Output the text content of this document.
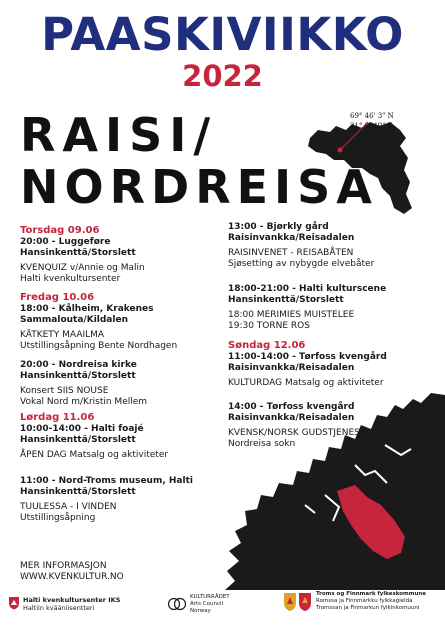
PAASKIVIIKKO
2022
RAISI/
NORDREISA
69° 46' 3" N
21° 0' 49" E
Torsdag 09.06
20:00 - Luggeføre
Hansinkenttä/Storslett
KVENQUIZ v/Annie og Malin
Halti kvenkultursenter
Fredag 10.06
18:00 - Kålheim, Krakenes
Sammalouta/Kildalen
KÄTKETY MAAILMA
Utstillingsåpning Bente Nordhagen
20:00 - Nordreisa kirke
Hansinkenttä/Storslett
Konsert SIIS NOUSE
Vokal Nord m/Kristin Mellem
Lørdag 11.06
10:00-14:00 - Halti foajé
Hansinkenttä/Storslett
ÅPEN DAG Matsalg og aktiviteter
11:00 - Nord-Troms museum, Halti
Hansinkenttä/Storslett
TUULESSA - I VINDEN
Utstillingsåpning
13:00 - Bjørkly gård
Raisinvankka/Reisadalen
RAISINVENET - REISABÅTEN
Sjøsetting av nybygde elvebåter
18:00-21:00 - Halti kulturscene
Hansinkenttä/Storslett
18:00 MERIMIES MUISTELEE
19:30 TORNE ROS
Søndag 12.06
11:00-14:00 - Tørfoss kvengård
Raisinvankka/Reisadalen
KULTURDAG Matsalg og aktiviteter
14:00 - Tørfoss kvengård
Raisinvankka/Reisadalen
KVENSK/NORSK GUDSTJENESTE
Nordreisa sokn
MER INFORMASJON
WWW.KVENKULTUR.NO
Halti kvenkultursenter IKS
Haltiin kvääniisentteri
KULTURRÅDET
Arts Council
Norway
Troms og Finnmark fylkeskommune
Romssa ja Finnmárkku fylkkagielda
Tromssan ja Finmarkun fylkinkomuuni
